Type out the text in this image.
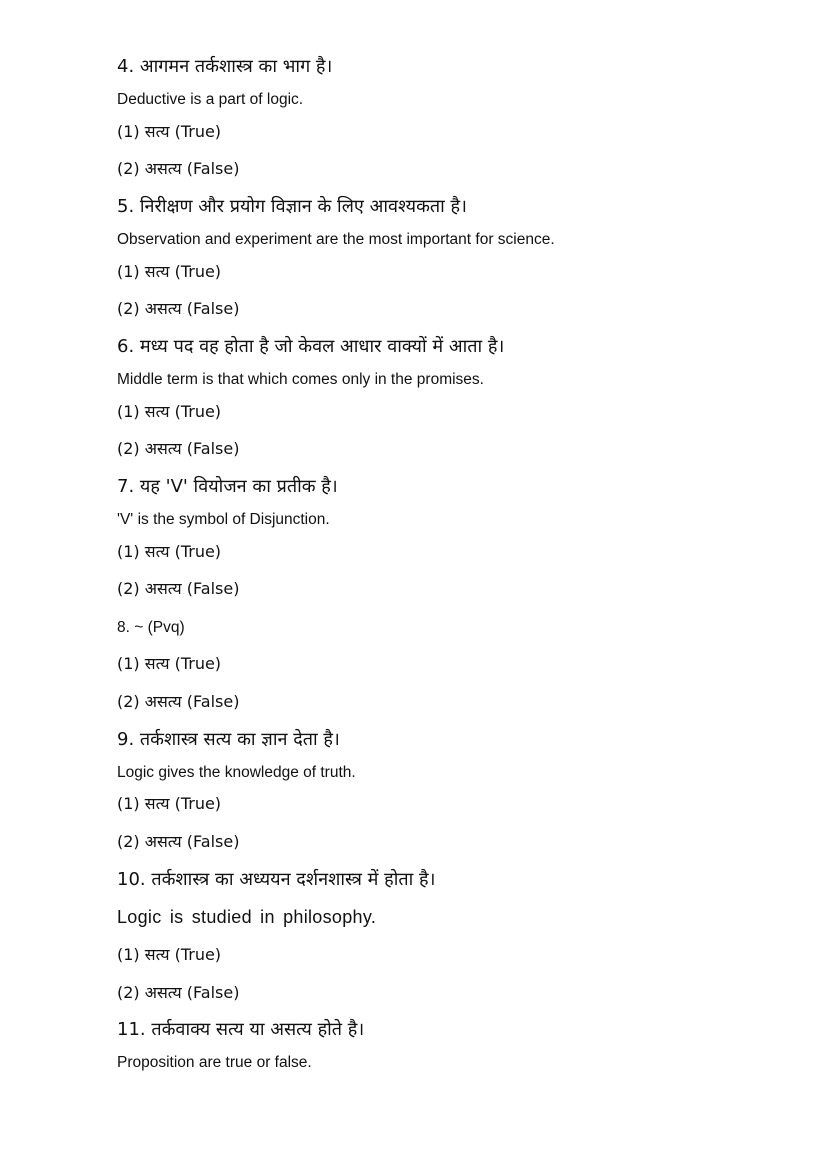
4. आगमन तर्कशास्त्र का भाग है।
Deductive is a part of logic.
(1) सत्य (True)
(2) असत्य (False)
5. निरीक्षण और प्रयोग विज्ञान के लिए आवश्यकता है।
Observation and experiment are the most important for science.
(1) सत्य (True)
(2) असत्य (False)
6. मध्य पद वह होता है जो केवल आधार वाक्यों में आता है।
Middle term is that which comes only in the promises.
(1) सत्य (True)
(2) असत्य (False)
7. यह 'V' वियोजन का प्रतीक है।
'V' is the symbol of Disjunction.
(1) सत्य (True)
(2) असत्य (False)
8. ~ (Pvq)
(1) सत्य (True)
(2) असत्य (False)
9. तर्कशास्त्र सत्य का ज्ञान देता है।
Logic gives the knowledge of truth.
(1) सत्य (True)
(2) असत्य (False)
10. तर्कशास्त्र का अध्ययन दर्शनशास्त्र में होता है।
Logic is studied in philosophy.
(1) सत्य (True)
(2) असत्य (False)
11. तर्कवाक्य सत्य या असत्य होते है।
Proposition are true or false.
